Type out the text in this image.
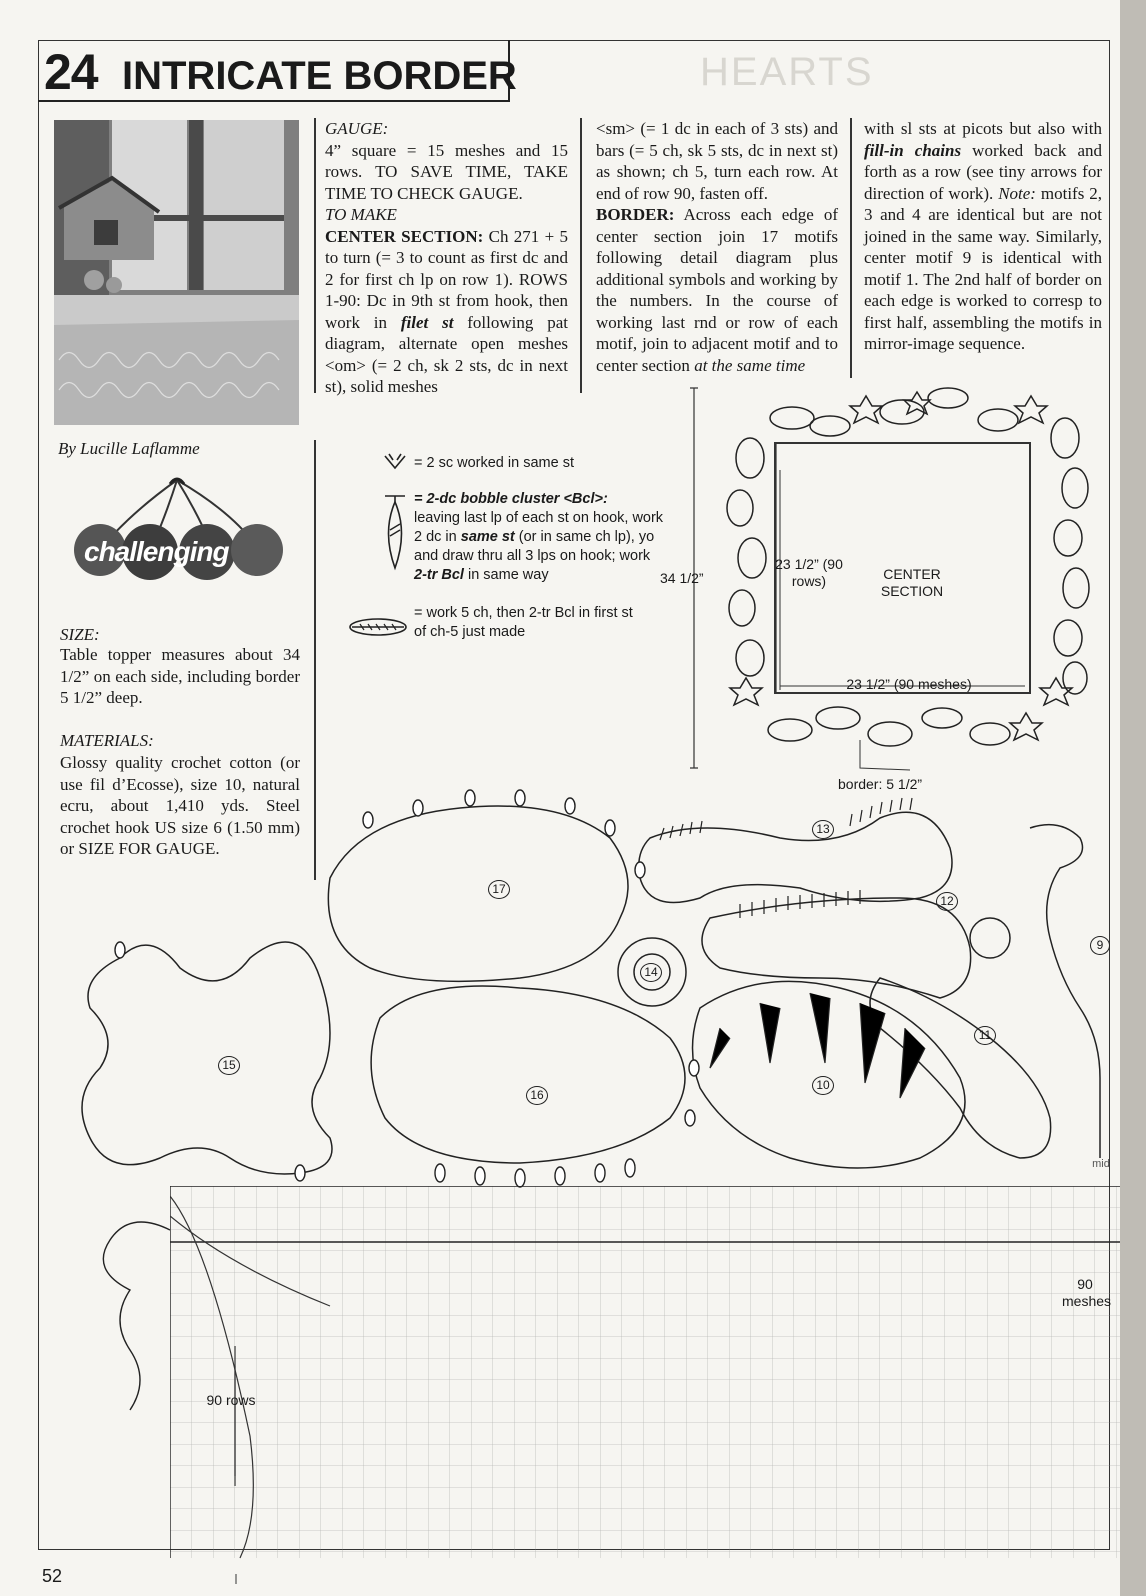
HEARTS
24 INTRICATE BORDER
By Lucille Laflamme
challenging
SIZE:
Table topper measures about 34 1/2” on each side, including border 5 1/2” deep.
MATERIALS:
Glossy quality crochet cotton (or use fil d’Ecosse), size 10, natural ecru, about 1,410 yds. Steel crochet hook US size 6 (1.50 mm) or SIZE FOR GAUGE.

GAUGE:

4” square = 15 meshes and 15 rows. TO SAVE TIME, TAKE TIME TO CHECK GAUGE.

TO MAKE

CENTER SECTION: Ch 271 + 5 to turn (= 3 to count as first dc and 2 for first ch lp on row 1). ROWS 1-90: Dc in 9th st from hook, then work in filet st following pat diagram, alternate open meshes <om> (= 2 ch, sk 2 sts, dc in next st), solid meshes

<sm> (= 1 dc in each of 3 sts) and bars (= 5 ch, sk 5 sts, dc in next st) as shown; ch 5, turn each row. At end of row 90, fasten off.

BORDER: Across each edge of center section join 17 motifs following detail diagram plus additional symbols and working by the numbers. In the course of working last rnd or row of each motif, join to adjacent motif and to center section at the same time

with sl sts at picots but also with fill-in chains worked back and forth as a row (see tiny arrows for direction of work). Note: motifs 2, 3 and 4 are identical but are not joined in the same way. Similarly, center motif 9 is identical with motif 1. The 2nd half of border on each edge is worked to corresp to first half, assembling the motifs in mirror-image sequence.

= 2 sc worked in same st
= 2-dc bobble cluster <Bcl>:
leaving last lp of each st on hook, work 2 dc in same st (or in same ch lp), yo and draw thru all 3 lps on hook; work 2-tr Bcl in same way
= work 5 ch, then 2-tr Bcl in first st of ch-5 just made
34 1/2”
23 1/2” (90 rows)	CENTER SECTION
23 1/2” (90 meshes)
border: 5 1/2”
13
12
17
14
9
15
16
10
11
90 rows
90 meshes
mid
52
